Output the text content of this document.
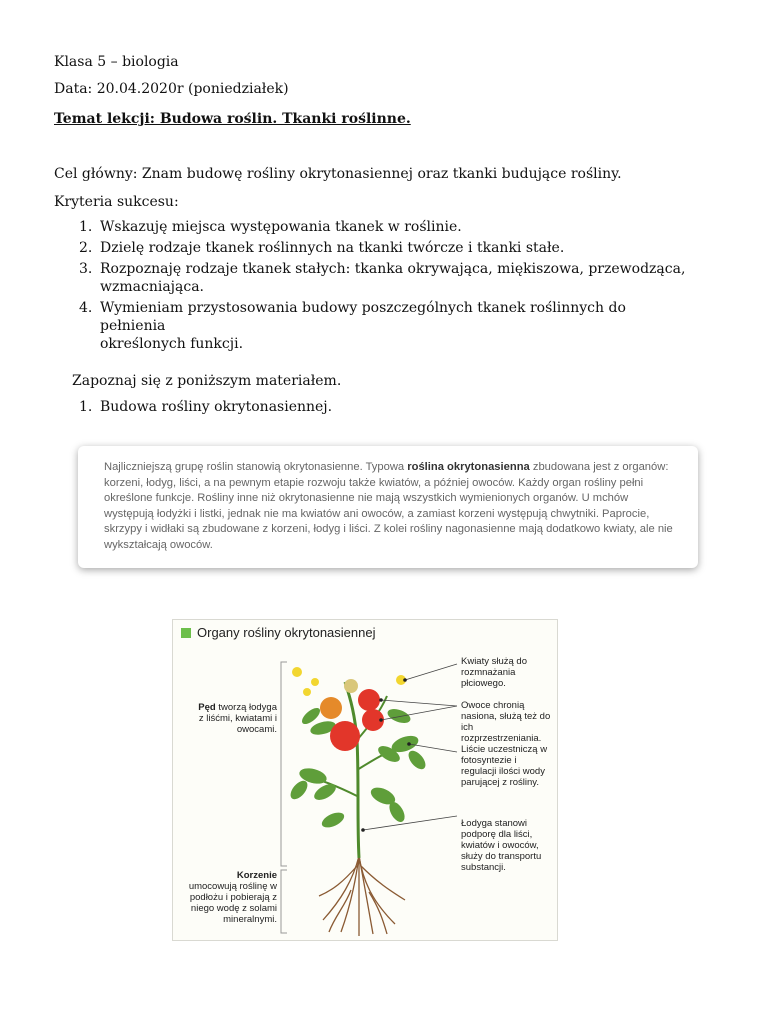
Klasa 5 – biologia
Data: 20.04.2020r (poniedziałek)
Temat lekcji: Budowa roślin. Tkanki roślinne.
Cel główny: Znam budowę rośliny okrytonasiennej oraz tkanki budujące rośliny.
Kryteria sukcesu:
1. Wskazuję miejsca występowania tkanek w roślinie.
2. Dzielę rodzaje tkanek roślinnych na tkanki twórcze i tkanki stałe.
3. Rozpoznaję rodzaje tkanek stałych: tkanka okrywająca, miękiszowa, przewodząca,
wzmacniająca.
4. Wymieniam przystosowania budowy poszczególnych tkanek roślinnych do pełnienia
określonych funkcji.
Zapoznaj się z poniższym materiałem.
1. Budowa rośliny okrytonasiennej.

Najliczniejszą grupę roślin stanowią okrytonasienne. Typowa roślina okrytonasienna zbudowana jest z organów: korzeni, łodyg, liści, a na pewnym etapie rozwoju także kwiatów, a później owoców. Każdy organ rośliny pełni określone funkcje. Rośliny inne niż okrytonasienne nie mają wszystkich wymienionych organów. U mchów występują łodyżki i listki, jednak nie ma kwiatów ani owoców, a zamiast korzeni występują chwytniki. Paprocie, skrzypy i widłaki są zbudowane z korzeni, łodyg i liści. Z kolei rośliny nagonasienne mają dodatkowo kwiaty, ale nie wykształcają owoców.

Organy rośliny okrytonasiennej
Pęd tworzą łodyga z liśćmi, kwiatami i owocami.
Korzenie umocowują roślinę w podłożu i pobierają z niego wodę z solami mineralnymi.
Kwiaty służą do rozmnażania płciowego.
Owoce chronią nasiona, służą też do ich rozprzestrzeniania.
Liście uczestniczą w fotosyntezie i regulacji ilości wody parującej z rośliny.
Łodyga stanowi podporę dla liści, kwiatów i owoców, służy do transportu substancji.
